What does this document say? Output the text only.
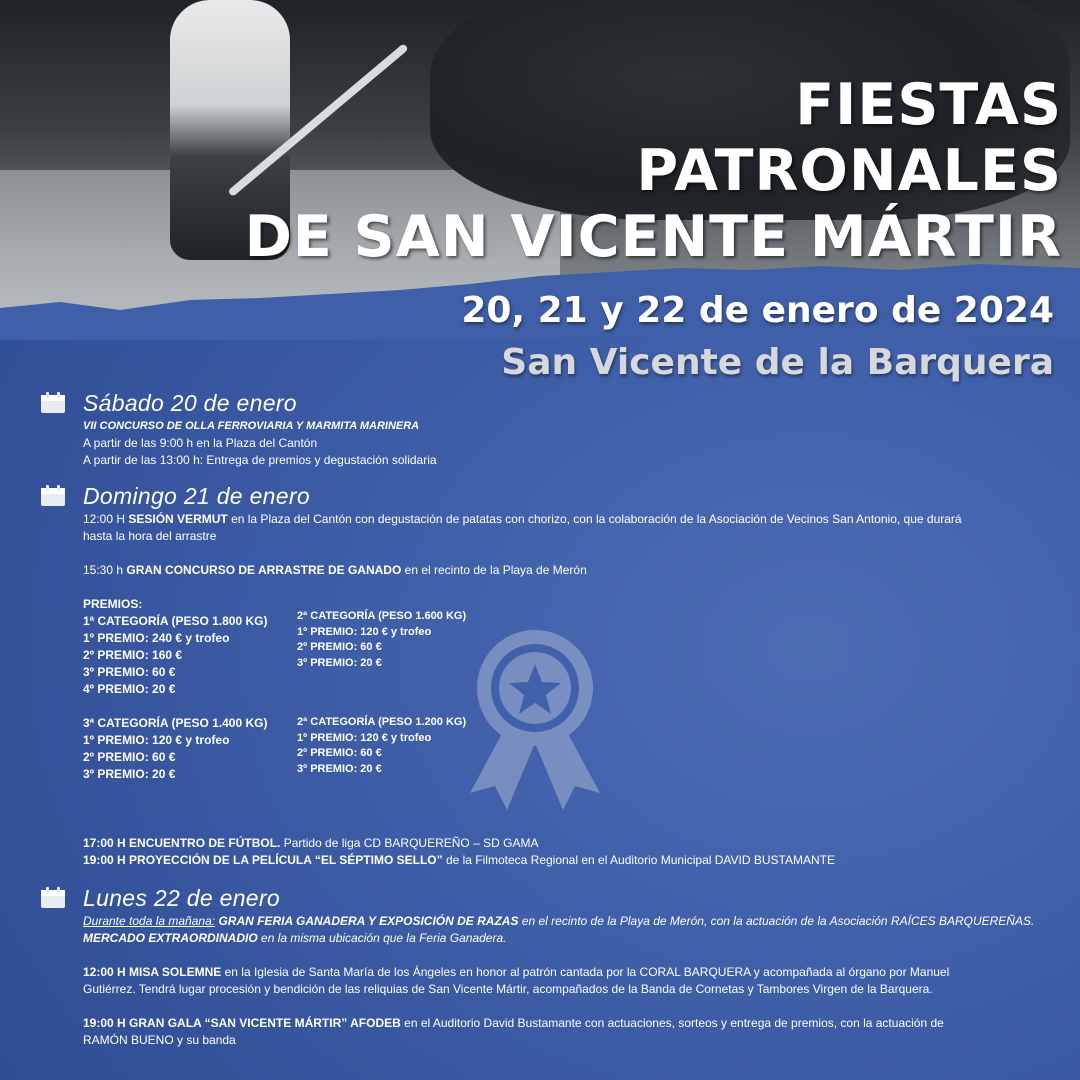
FIESTAS
PATRONALES
DE SAN VICENTE MÁRTIR
20, 21 y 22 de enero de 2024
San Vicente de la Barquera
Sábado 20 de enero
VII CONCURSO DE OLLA FERROVIARIA Y MARMITA MARINERA
A partir de las 9:00 h en la Plaza del Cantón
A partir de las 13:00 h: Entrega de premios y degustación solidaria
Domingo 21 de enero
12:00 H SESIÓN VERMUT en la Plaza del Cantón con degustación de patatas con chorizo, con la colaboración de la Asociación de Vecinos San Antonio, que durará
hasta la hora del arrastre
15:30 h GRAN CONCURSO DE ARRASTRE DE GANADO en el recinto de la Playa de Merón
PREMIOS:
1ª CATEGORÍA (PESO 1.800 KG)
1º PREMIO: 240 € y trofeo
2º PREMIO: 160 €
3º PREMIO: 60 €
4º PREMIO: 20 €
2ª CATEGORÍA (PESO 1.600 KG)
1º PREMIO: 120 € y trofeo
2º PREMIO: 60 €
3º PREMIO: 20 €
3ª CATEGORÍA (PESO 1.400 KG)
1º PREMIO: 120 € y trofeo
2º PREMIO: 60 €
3º PREMIO: 20 €
2ª CATEGORÍA (PESO 1.200 KG)
1º PREMIO: 120 € y trofeo
2º PREMIO: 60 €
3º PREMIO: 20 €
17:00 H ENCUENTRO DE FÚTBOL. Partido de liga CD BARQUEREÑO – SD GAMA
19:00 H PROYECCIÓN DE LA PELÍCULA “EL SÉPTIMO SELLO” de la Filmoteca Regional en el Auditorio Municipal DAVID BUSTAMANTE
Lunes 22 de enero
Durante toda la mañana: GRAN FERIA GANADERA Y EXPOSICIÓN DE RAZAS en el recinto de la Playa de Merón, con la actuación de la Asociación RAÍCES BARQUEREÑAS.
MERCADO EXTRAORDINADIO en la misma ubicación que la Feria Ganadera.
12:00 H MISA SOLEMNE en la Iglesia de Santa María de los Ángeles en honor al patrón cantada por la CORAL BARQUERA y acompañada al órgano por Manuel
Gutiérrez. Tendrá lugar procesión y bendición de las reliquias de San Vicente Mártir, acompañados de la Banda de Cornetas y Tambores Virgen de la Barquera.
19:00 H GRAN GALA “SAN VICENTE MÁRTIR” AFODEB en el Auditorio David Bustamante con actuaciones, sorteos y entrega de premios, con la actuación de
RAMÓN BUENO y su banda
